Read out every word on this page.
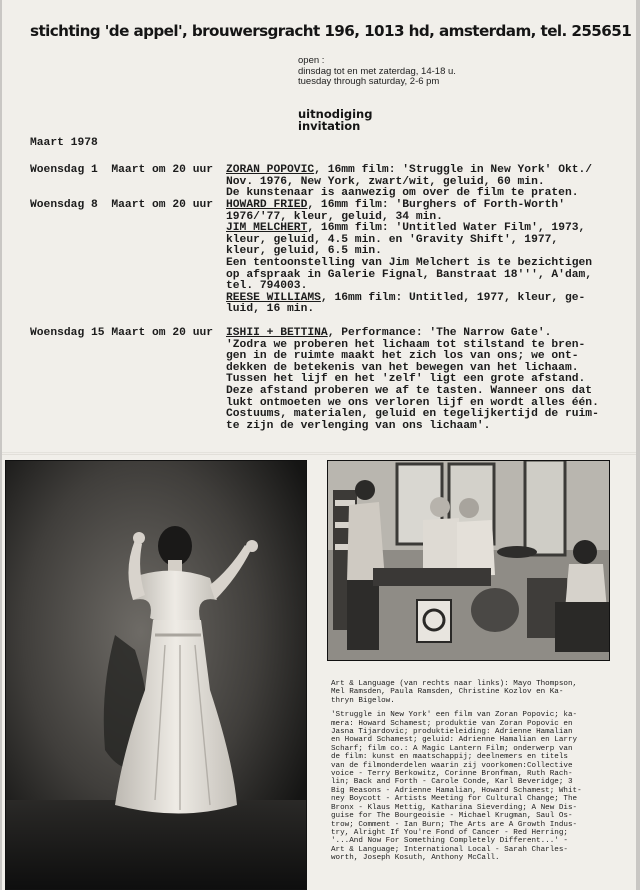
stichting 'de appel', brouwersgracht 196, 1013 hd, amsterdam, tel. 255651
open :
dinsdag tot en met zaterdag, 14-18 u.
tuesday through saturday, 2-6 pm
uitnodiging
invitation
Maart 1978
Woensdag 1  Maart om 20 uur ZORAN POPOVIC, 16mm film: 'Struggle in New York' Okt./
Nov. 1976, New York, zwart/wit, geluid, 60 min.
De kunstenaar is aanwezig om over de film te praten.

Woensdag 8  Maart om 20 uur HOWARD FRIED, 16mm film: 'Burghers of Forth-Worth'
1976/'77, kleur, geluid, 34 min.

JIM MELCHERT, 16mm film: 'Untitled Water Film', 1973,
kleur, geluid, 4.5 min. en 'Gravity Shift', 1977,
kleur, geluid, 6.5 min.
Een tentoonstelling van Jim Melchert is te bezichtigen
op afspraak in Galerie Fignal, Banstraat 18''', A'dam,
tel. 794003.

REESE WILLIAMS, 16mm film: Untitled, 1977, kleur, ge-
luid, 16 min.

Woensdag 15 Maart om 20 uur ISHII + BETTINA, Performance: 'The Narrow Gate'.
'Zodra we proberen het lichaam tot stilstand te bren-
gen in de ruimte maakt het zich los van ons; we ont-
dekken de betekenis van het bewegen van het lichaam.
Tussen het lijf en het 'zelf' ligt een grote afstand.
Deze afstand proberen we af te tasten. Wanneer ons dat
lukt ontmoeten we ons verloren lijf en wordt alles één.
Costuums, materialen, geluid en tegelijkertijd de ruim-
te zijn de verlenging van ons lichaam'.

Art & Language (van rechts naar links): Mayo Thompson,
Mel Ramsden, Paula Ramsden, Christine Kozlov en Ka-
thryn Bigelow.

'Struggle in New York' een film van Zoran Popovic; ka-
mera: Howard Schamest; produktie van Zoran Popovic en
Jasna Tijardovic; produktieleiding: Adrienne Hamalian
en Howard Schamest; geluid: Adrienne Hamalian en Larry
Scharf; film co.: A Magic Lantern Film; onderwerp van
de film: kunst en maatschappij; deelnemers en titels
van de filmonderdelen waarin zij voorkomen:Collective
voice - Terry Berkowitz, Corinne Bronfman, Ruth Rach-
lin; Back and Forth - Carole Conde, Karl Beveridge; 3
Big Reasons - Adrienne Hamalian, Howard Schamest; Whit-
ney Boycott - Artists Meeting for Cultural Change; The
Bronx - Klaus Mettig, Katharina Sieverding; A New Dis-
guise for The Bourgeoisie - Michael Krugman, Saul Os-
trow; Comment - Ian Burn; The Arts are A Growth Indus-
try, Alright If You're Fond of Cancer - Red Herring;
'...And Now For Something Completely Different...' -
Art & Language; International Local - Sarah Charles-
worth, Joseph Kosuth, Anthony McCall.
